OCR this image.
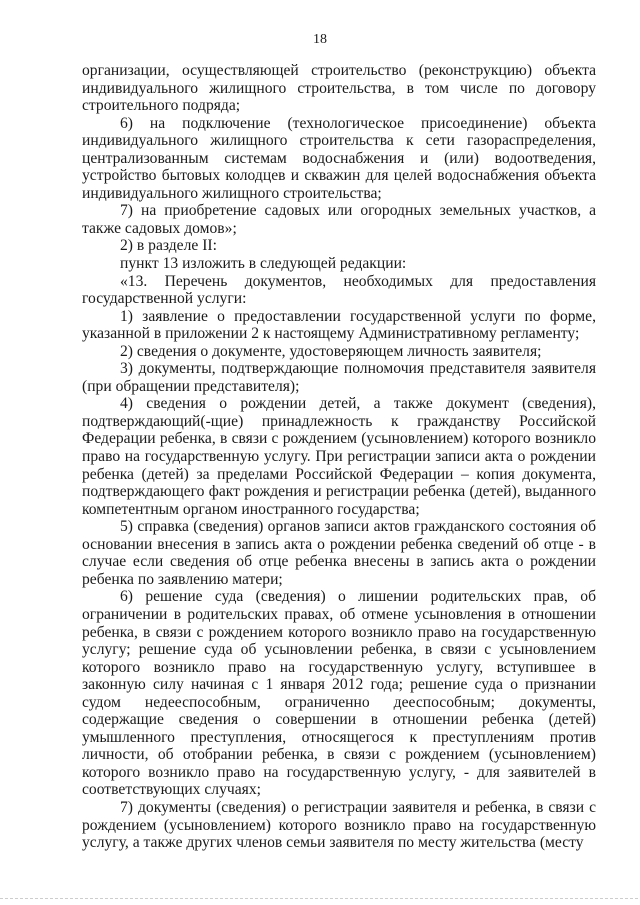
18

организации, осуществляющей строительство (реконструкцию) объекта индивидуального жилищного строительства, в том числе по договору строительного подряда;

6) на подключение (технологическое присоединение) объекта индивидуального жилищного строительства к сети газораспределения, централизованным системам водоснабжения и (или) водоотведения, устройство бытовых колодцев и скважин для целей водоснабжения объекта индивидуального жилищного строительства;

7) на приобретение садовых или огородных земельных участков, а также садовых домов»;

2) в разделе II:

пункт 13 изложить в следующей редакции:

«13. Перечень документов, необходимых для предоставления государственной услуги:

1) заявление о предоставлении государственной услуги по форме, указанной в приложении 2 к настоящему Административному регламенту;

2) сведения о документе, удостоверяющем личность заявителя;

3) документы, подтверждающие полномочия представителя заявителя (при обращении представителя);

4) сведения о рождении детей, а также документ (сведения), подтверждающий(-щие) принадлежность к гражданству Российской Федерации ребенка, в связи с рождением (усыновлением) которого возникло право на государственную услугу. При регистрации записи акта о рождении ребенка (детей) за пределами Российской Федерации – копия документа, подтверждающего факт рождения и регистрации ребенка (детей), выданного компетентным органом иностранного государства;

5) справка (сведения) органов записи актов гражданского состояния об основании внесения в запись акта о рождении ребенка сведений об отце - в случае если сведения об отце ребенка внесены в запись акта о рождении ребенка по заявлению матери;

6) решение суда (сведения) о лишении родительских прав, об ограничении в родительских правах, об отмене усыновления в отношении ребенка, в связи с рождением которого возникло право на государственную услугу; решение суда об усыновлении ребенка, в связи с усыновлением которого возникло право на государственную услугу, вступившее в законную силу начиная с 1 января 2012 года; решение суда о признании судом недееспособным, ограниченно дееспособным; документы, содержащие сведения о совершении в отношении ребенка (детей) умышленного преступления, относящегося к преступлениям против личности, об отобрании ребенка, в связи с рождением (усыновлением) которого возникло право на государственную услугу, - для заявителей в соответствующих случаях;

7) документы (сведения) о регистрации заявителя и ребенка, в связи с рождением (усыновлением) которого возникло право на государственную услугу, а также других членов семьи заявителя по месту жительства (месту
